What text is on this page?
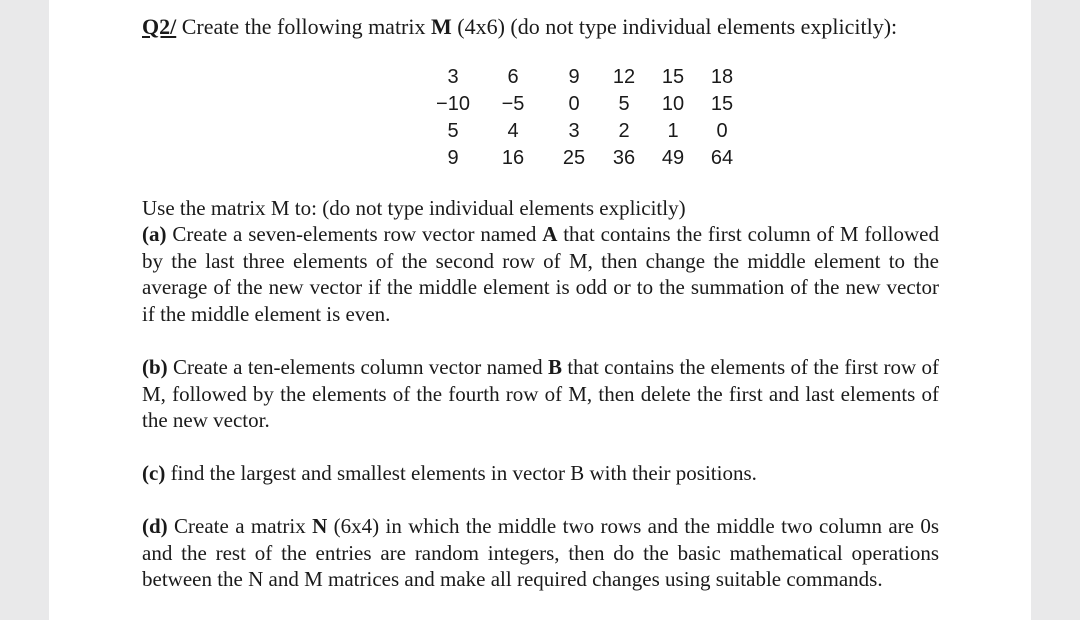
Q2/ Create the following matrix M (4x6) (do not type individual elements explicitly):
3	6	9	12	15	18
−10	−5	0	5	10	15
5	4	3	2	1	0
9	16	25	36	49	64
Use the matrix M to: (do not type individual elements explicitly)
(a) Create a seven-elements row vector named A that contains the first column of M followed by the last three elements of the second row of M, then change the middle element to the average of the new vector if the middle element is odd or to the summation of the new vector if the middle element is even.
(b) Create a ten-elements column vector named B that contains the elements of the first row of M, followed by the elements of the fourth row of M, then delete the first and last elements of the new vector.
(c) find the largest and smallest elements in vector B with their positions.
(d) Create a matrix N (6x4) in which the middle two rows and the middle two column are 0s and the rest of the entries are random integers, then do the basic mathematical operations between the N and M matrices and make all required changes using suitable commands.
